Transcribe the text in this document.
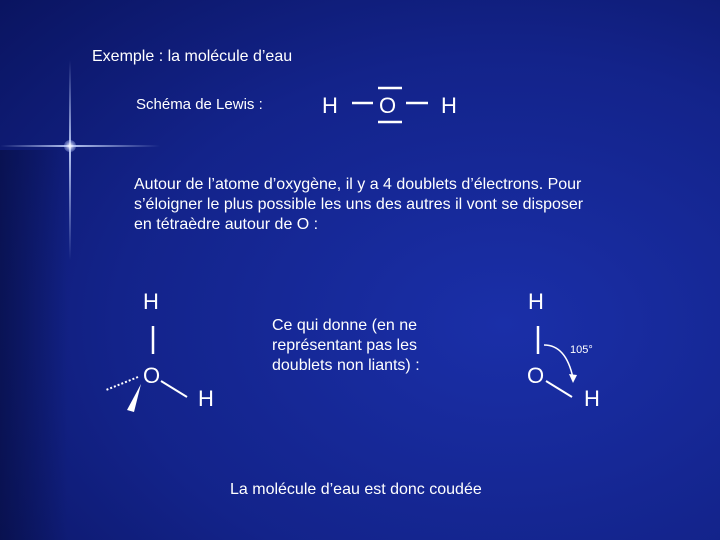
Exemple : la molécule d’eau
Schéma de Lewis :	H O H
Autour de l’atome d’oxygène, il y a 4 doublets d’électrons. Pour
s’éloigner le plus possible les uns des autres il vont se disposer
en tétraèdre autour de O :
H
O
H
Ce qui donne (en ne
représentant pas les
doublets non liants) :
H
O
H
105°
La molécule d’eau est donc coudée
